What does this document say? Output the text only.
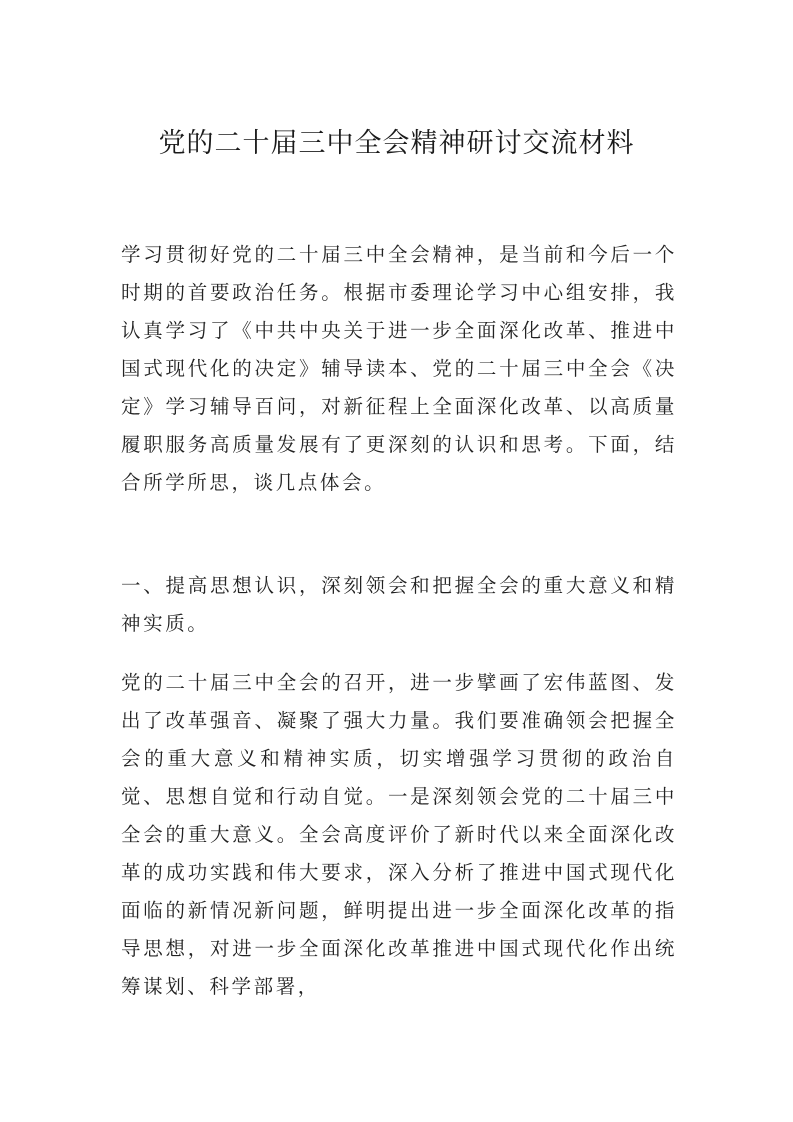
党的二十届三中全会精神研讨交流材料

学习贯彻好党的二十届三中全会精神，是当前和今后一个时期的首要政治任务。根据市委理论学习中心组安排，我认真学习了《中共中央关于进一步全面深化改革、推进中国式现代化的决定》辅导读本、党的二十届三中全会《决定》学习辅导百问，对新征程上全面深化改革、以高质量履职服务高质量发展有了更深刻的认识和思考。下面，结合所学所思，谈几点体会。

一、提高思想认识，深刻领会和把握全会的重大意义和精神实质。

党的二十届三中全会的召开，进一步擘画了宏伟蓝图、发出了改革强音、凝聚了强大力量。我们要准确领会把握全会的重大意义和精神实质，切实增强学习贯彻的政治自觉、思想自觉和行动自觉。一是深刻领会党的二十届三中全会的重大意义。全会高度评价了新时代以来全面深化改革的成功实践和伟大要求，深入分析了推进中国式现代化面临的新情况新问题，鲜明提出进一步全面深化改革的指导思想，对进一步全面深化改革推进中国式现代化作出统筹谋划、科学部署，
